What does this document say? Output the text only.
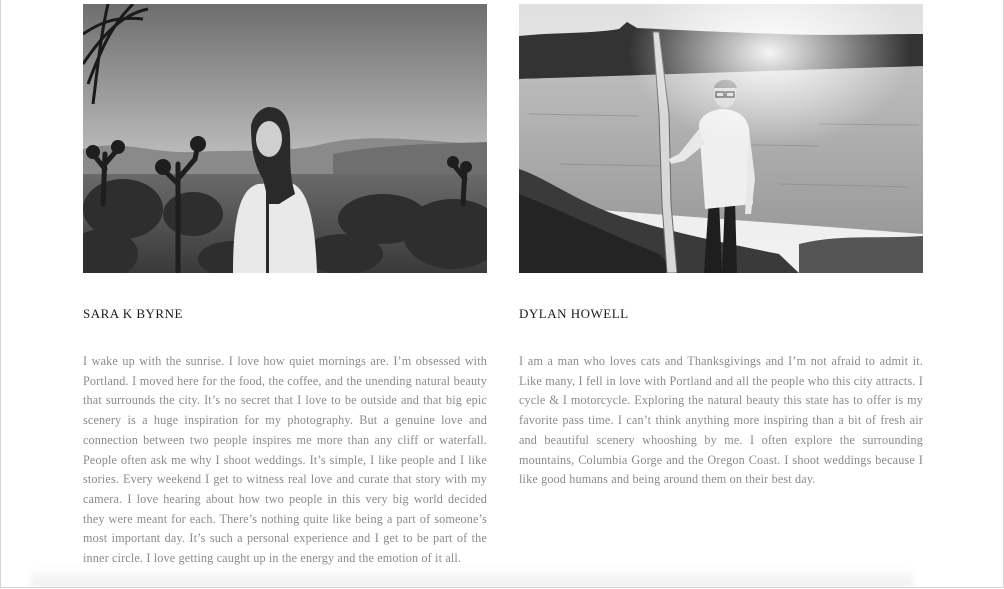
SARA K BYRNE

I wake up with the sunrise. I love how quiet mornings are. I’m obsessed with Portland. I moved here for the food, the coffee, and the unending natural beauty that surrounds the city. It’s no secret that I love to be outside and that big epic scenery is a huge inspiration for my photography. But a genuine love and connection between two people inspires me more than any cliff or waterfall. People often ask me why I shoot weddings. It’s simple, I like people and I like stories. Every weekend I get to witness real love and curate that story with my camera. I love hearing about how two people in this very big world decided they were meant for each. There’s nothing quite like being a part of someone’s most important day. It’s such a personal experience and I get to be part of the inner circle. I love getting caught up in the energy and the emotion of it all.

DYLAN HOWELL

I am a man who loves cats and Thanksgivings and I’m not afraid to admit it. Like many, I fell in love with Portland and all the people who this city attracts. I cycle & I motorcycle. Exploring the natural beauty this state has to offer is my favorite pass time. I can’t think anything more inspiring than a bit of fresh air and beautiful scenery whooshing by me. I often explore the surrounding mountains, Columbia Gorge and the Oregon Coast. I shoot weddings because I like good humans and being around them on their best day.
